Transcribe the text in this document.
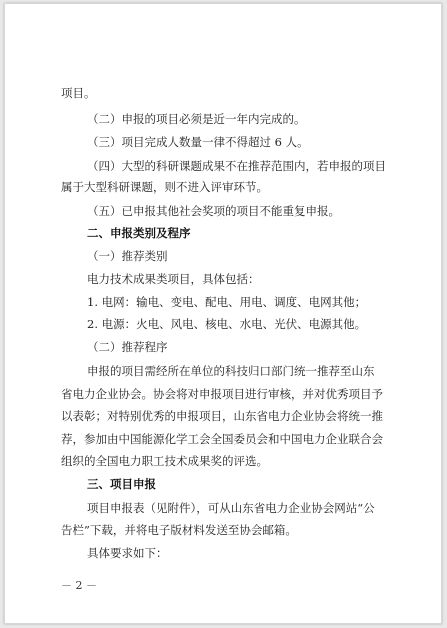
项目。
（二）申报的项目必须是近一年内完成的。
（三）项目完成人数量一律不得超过 6 人。
（四）大型的科研课题成果不在推荐范围内，若申报的项目
属于大型科研课题，则不进入评审环节。
（五）已申报其他社会奖项的项目不能重复申报。
二、申报类别及程序
（一）推荐类别
电力技术成果类项目，具体包括：
1. 电网：输电、变电、配电、用电、调度、电网其他；
2. 电源：火电、风电、核电、水电、光伏、电源其他。
（二）推荐程序
申报的项目需经所在单位的科技归口部门统一推荐至山东
省电力企业协会。协会将对申报项目进行审核，并对优秀项目予
以表彰；对特别优秀的申报项目，山东省电力企业协会将统一推
荐，参加由中国能源化学工会全国委员会和中国电力企业联合会
组织的全国电力职工技术成果奖的评选。
三、项目申报
项目申报表（见附件），可从山东省电力企业协会网站“公
告栏”下载，并将电子版材料发送至协会邮箱。
具体要求如下：
－ 2 －
